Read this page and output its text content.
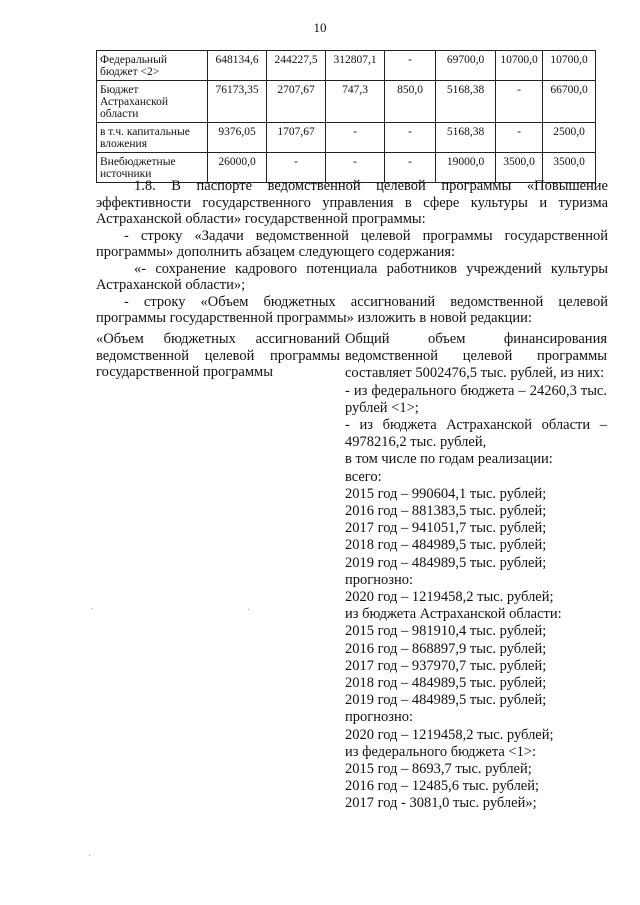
10
Федеральный бюджет <2>	648134,6	244227,5	312807,1	-	69700,0	10700,0	10700,0
Бюджет Астраханской области	76173,35	2707,67	747,3	850,0	5168,38	-	66700,0
в т.ч. капитальные вложения	9376,05	1707,67	-	-	5168,38	-	2500,0
Внебюджетные источники	26000,0	-	-	-	19000,0	3500,0	3500,0

1.8. В паспорте ведомственной целевой программы «Повышение эффективности государственного управления в сфере культуры и туризма Астраханской области» государственной программы:

- строку «Задачи ведомственной целевой программы государственной программы» дополнить абзацем следующего содержания:

«- сохранение кадрового потенциала работников учреждений культуры Астраханской области»;

- строку «Объем бюджетных ассигнований ведомственной целевой программы государственной программы» изложить в новой редакции:

«Объем бюджетных ассигнований ведомственной целевой программы государственной программы
Общий объем финансирования ведомственной целевой программы составляет 5002476,5 тыс. рублей, из них:
- из федерального бюджета – 24260,3 тыс. рублей <1>;
- из бюджета Астраханской области – 4978216,2 тыс. рублей,
в том числе по годам реализации:
всего:
2015 год – 990604,1 тыс. рублей;
2016 год – 881383,5 тыс. рублей;
2017 год – 941051,7 тыс. рублей;
2018 год – 484989,5 тыс. рублей;
2019 год – 484989,5 тыс. рублей;
прогнозно:
2020 год – 1219458,2 тыс. рублей;
из бюджета Астраханской области:
2015 год – 981910,4 тыс. рублей;
2016 год – 868897,9 тыс. рублей;
2017 год – 937970,7 тыс. рублей;
2018 год – 484989,5 тыс. рублей;
2019 год – 484989,5 тыс. рублей;
прогнозно:
2020 год – 1219458,2 тыс. рублей;
из федерального бюджета <1>:
2015 год – 8693,7 тыс. рублей;
2016 год – 12485,6 тыс. рублей;
2017 год - 3081,0 тыс. рублей»;
·	·
·
